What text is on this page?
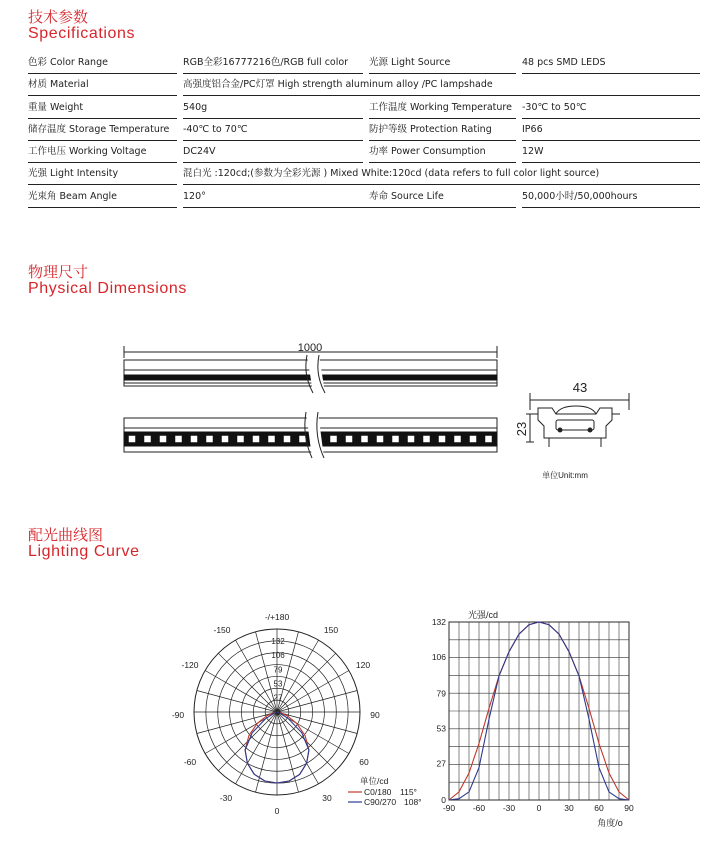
技术参数
Specifications
色彩 Color Range	RGB全彩16777216色/RGB full color	光源 Light Source	48 pcs SMD LEDS
材质 Material	高强度铝合金/PC灯罩 High strength aluminum alloy /PC lampshade
重量 Weight	540g	工作温度 Working Temperature	-30℃ to 50℃
储存温度 Storage Temperature	-40℃ to 70℃	防护等级 Protection Rating	IP66
工作电压 Working Voltage	DC24V	功率 Power Consumption	12W
光强 Light Intensity	混白光 :120cd;(参数为全彩光源 ) Mixed White:120cd (data refers to full color light source)
光束角 Beam Angle	120°	寿命 Source Life	50,000小时/50,000hours
物理尺寸
Physical Dimensions
1000
43
23
单位Unit:mm
配光曲线图
Lighting Curve
132
106
79
53
27
0
-/+180
-150	150
-120	120
-90	90
-60	60
-30	30
0
单位/cd
C0/180 115°
C90/270 108°
-90 -60 -30	0	30 60 90
0
27
53
79
106
132
光强/cd
角度/o
